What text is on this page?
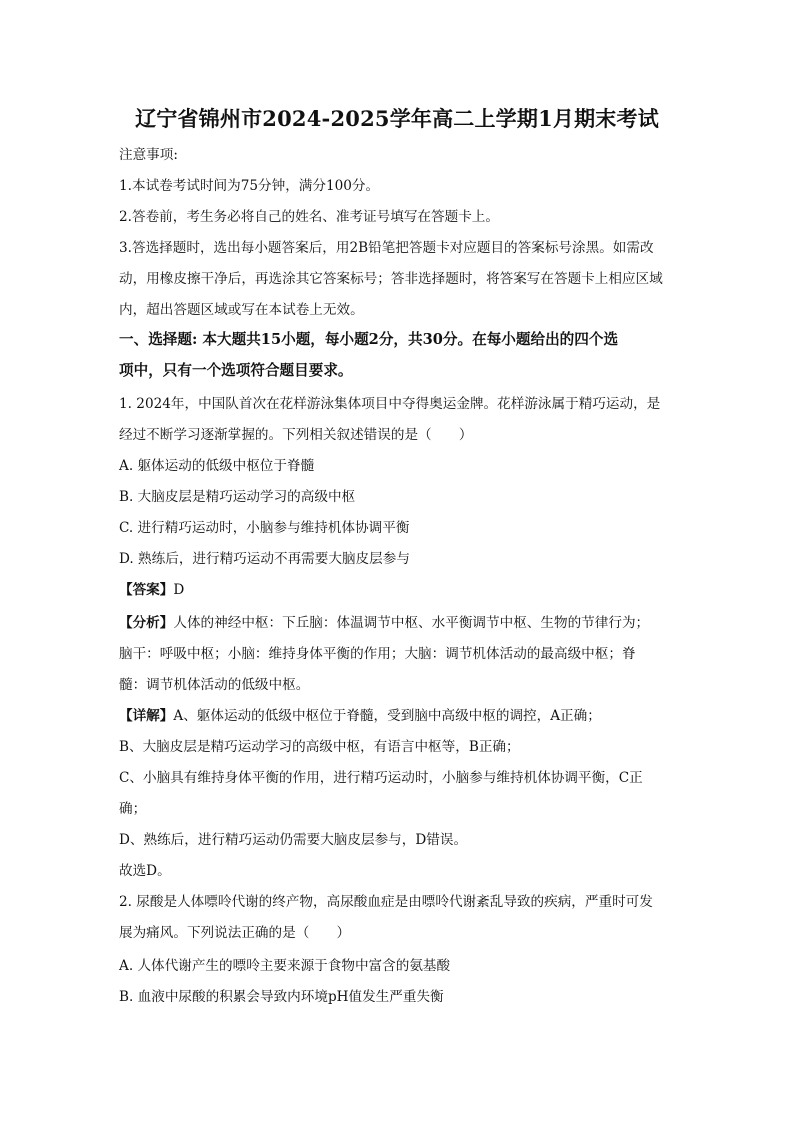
辽宁省锦州市2024-2025学年高二上学期1月期末考试
注意事项:
1.本试卷考试时间为75分钟，满分100分。
2.答卷前，考生务必将自己的姓名、准考证号填写在答题卡上。
3.答选择题时，选出每小题答案后，用2B铅笔把答题卡对应题目的答案标号涂黑。如需改
动，用橡皮擦干净后，再选涂其它答案标号；答非选择题时，将答案写在答题卡上相应区域
内，超出答题区域或写在本试卷上无效。
一、选择题: 本大题共15小题，每小题2分，共30分。在每小题给出的四个选
项中，只有一个选项符合题目要求。
1. 2024年，中国队首次在花样游泳集体项目中夺得奥运金牌。花样游泳属于精巧运动，是
经过不断学习逐渐掌握的。下列相关叙述错误的是（　　）
A. 躯体运动的低级中枢位于脊髓
B. 大脑皮层是精巧运动学习的高级中枢
C. 进行精巧运动时，小脑参与维持机体协调平衡
D. 熟练后，进行精巧运动不再需要大脑皮层参与
【答案】D
【分析】人体的神经中枢：下丘脑：体温调节中枢、水平衡调节中枢、生物的节律行为；
脑干：呼吸中枢；小脑：维持身体平衡的作用；大脑：调节机体活动的最高级中枢；脊
髓：调节机体活动的低级中枢。
【详解】A、躯体运动的低级中枢位于脊髓，受到脑中高级中枢的调控，A正确；
B、大脑皮层是精巧运动学习的高级中枢，有语言中枢等，B正确；
C、小脑具有维持身体平衡的作用，进行精巧运动时，小脑参与维持机体协调平衡，C正
确；
D、熟练后，进行精巧运动仍需要大脑皮层参与，D错误。
故选D。
2. 尿酸是人体嘌呤代谢的终产物，高尿酸血症是由嘌呤代谢紊乱导致的疾病，严重时可发
展为痛风。下列说法正确的是（　　）
A. 人体代谢产生的嘌呤主要来源于食物中富含的氨基酸
B. 血液中尿酸的积累会导致内环境pH值发生严重失衡
